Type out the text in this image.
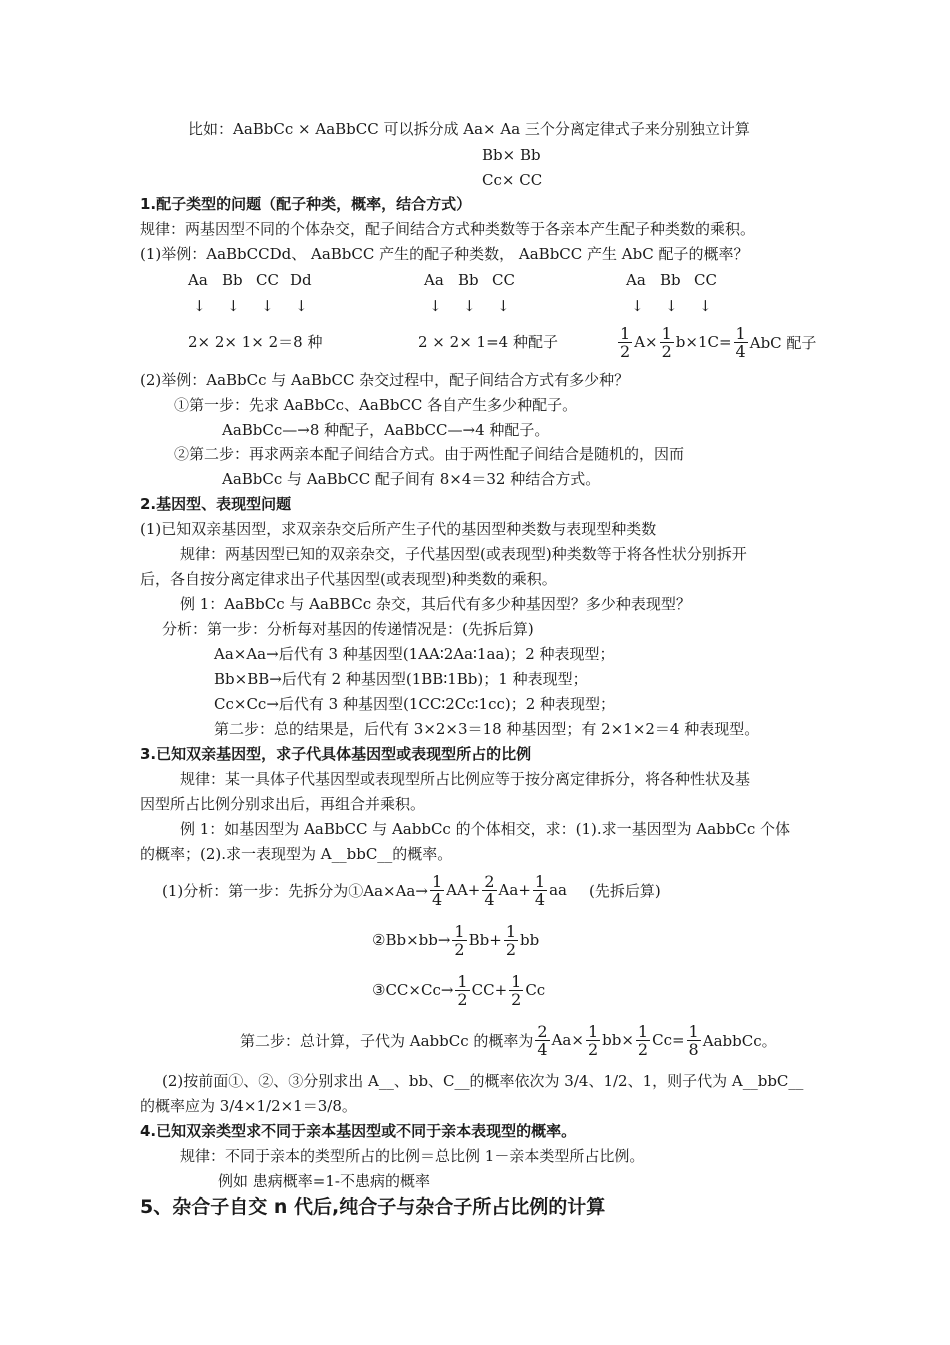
比如：AaBbCc × AaBbCC 可以拆分成 Aa× Aa 三个分离定律式子来分别独立计算
Bb× Bb
Cc× CC
1.配子类型的问题（配子种类，概率，结合方式）
规律：两基因型不同的个体杂交，配子间结合方式种类数等于各亲本产生配子种类数的乘积。
(1)举例：AaBbCCDd、 AaBbCC 产生的配子种类数， AaBbCC 产生 AbC 配子的概率？
Aa Bb CC Dd
↓ ↓ ↓ ↓
Aa Bb CC
↓ ↓ ↓
Aa Bb CC
↓ ↓ ↓
2× 2× 1× 2＝8 种	2 × 2× 1=4 种配子	$\frac{1}{2} A\times \frac{1}{2} b\times 1C= \frac{1}{4}$ AbC 配子
(2)举例：AaBbCc 与 AaBbCC 杂交过程中，配子间结合方式有多少种？
①第一步：先求 AaBbCc、AaBbCC 各自产生多少种配子。
AaBbCc—→8 种配子，AaBbCC—→4 种配子。
②第二步：再求两亲本配子间结合方式。由于两性配子间结合是随机的，因而
AaBbCc 与 AaBbCC 配子间有 8×4＝32 种结合方式。
2.基因型、表现型问题
(1)已知双亲基因型，求双亲杂交后所产生子代的基因型种类数与表现型种类数
规律：两基因型已知的双亲杂交，子代基因型(或表现型)种类数等于将各性状分别拆开
后，各自按分离定律求出子代基因型(或表现型)种类数的乘积。
例 1：AaBbCc 与 AaBBCc 杂交，其后代有多少种基因型？多少种表现型？
分析：第一步：分析每对基因的传递情况是：(先拆后算)
Aa×Aa→后代有 3 种基因型(1AA∶2Aa∶1aa)；2 种表现型；
Bb×BB→后代有 2 种基因型(1BB∶1Bb)；1 种表现型；
Cc×Cc→后代有 3 种基因型(1CC∶2Cc∶1cc)；2 种表现型；
第二步：总的结果是，后代有 3×2×3＝18 种基因型；有 2×1×2＝4 种表现型。
3.已知双亲基因型，求子代具体基因型或表现型所占的比例
规律：某一具体子代基因型或表现型所占比例应等于按分离定律拆分，将各种性状及基
因型所占比例分别求出后，再组合并乘积。
例 1：如基因型为 AaBbCC 与 AabbCc 的个体相交，求：(1).求一基因型为 AabbCc 个体
的概率；(2).求一表现型为 A__bbC__的概率。
(1)分析：第一步：先拆分为①Aa×Aa→ $\frac{1}{4} AA+ \frac{2}{4} Aa+ \frac{1}{4}$ aa (先拆后算)
②Bb×bb→ $\frac{1}{2} Bb+ \frac{1}{2}$ bb
③CC×Cc→ $\frac{1}{2} CC+ \frac{1}{2}$ Cc
第二步：总计算，子代为 AabbCc 的概率为 $\frac{2}{4} Aa\times \frac{1}{2} bb\times \frac{1}{2} Cc= \frac{1}{8}$ AabbCc。
(2)按前面①、②、③分别求出 A__、bb、C__的概率依次为 3/4、1/2、1，则子代为 A__bbC__
的概率应为 3/4×1/2×1＝3/8。
4.已知双亲类型求不同于亲本基因型或不同于亲本表现型的概率。
规律：不同于亲本的类型所占的比例＝总比例 1－亲本类型所占比例。
例如 患病概率=1-不患病的概率
5、杂合子自交 n 代后,纯合子与杂合子所占比例的计算
